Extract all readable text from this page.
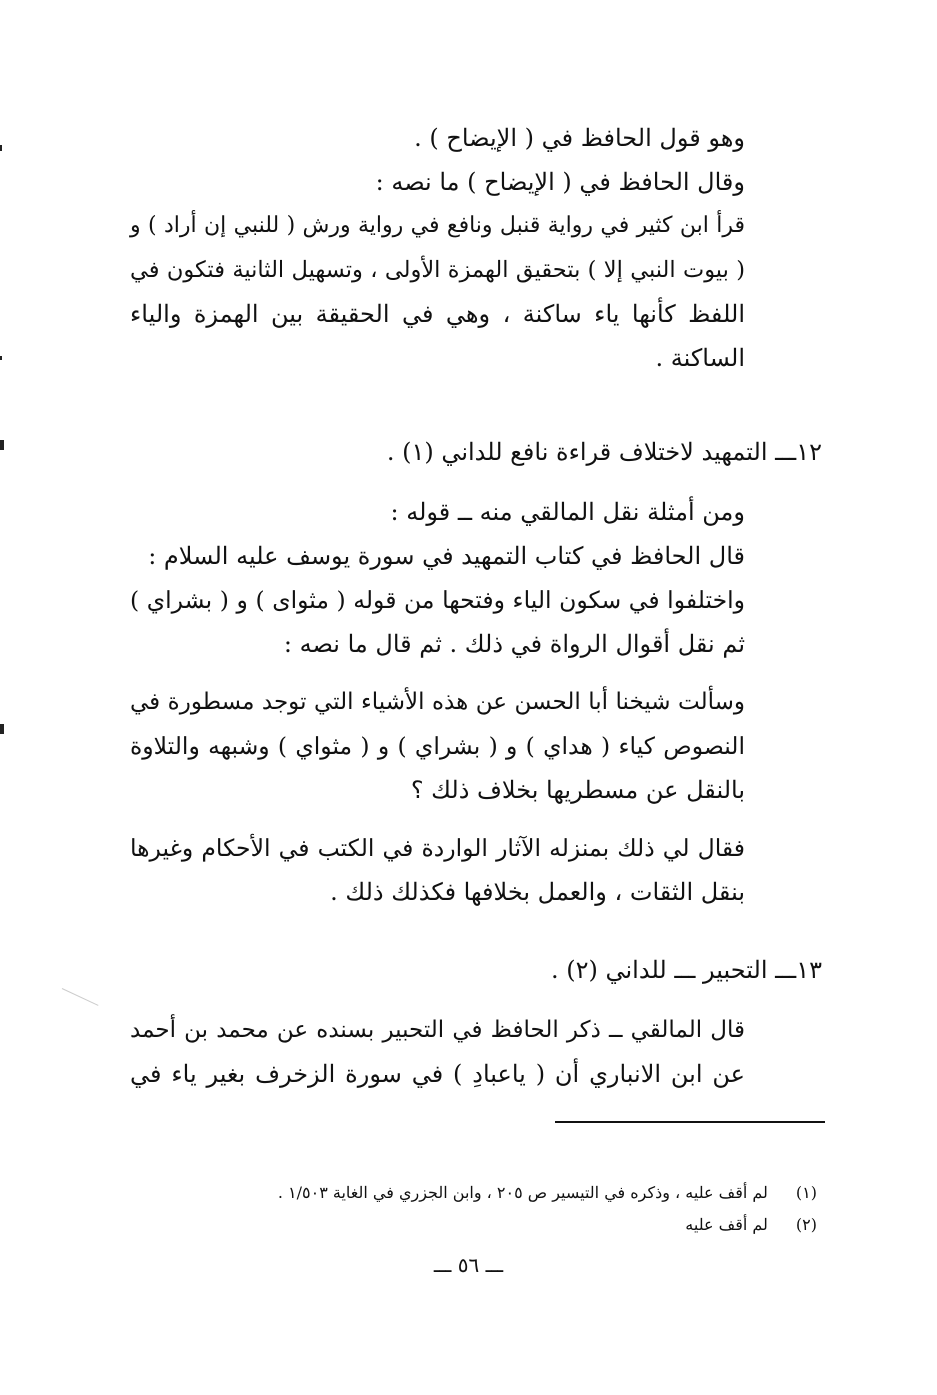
وهو قول الحافظ في ( الإيضاح ) .
وقال الحافظ في ( الإيضاح ) ما نصه :
قرأ ابن كثير في رواية قنبل ونافع في رواية ورش ( للنبي إن أراد ) و
( بيوت النبي إلا ) بتحقيق الهمزة الأولى ، وتسهيل الثانية فتكون في
اللفظ كأنها ياء ساكنة ، وهي في الحقيقة بين الهمزة والياء
الساكنة .
١٢ـــ التمهيد لاختلاف قراءة نافع للداني (١) .
ومن أمثلة نقل المالقي منه ــ قوله :
قال الحافظ في كتاب التمهيد في سورة يوسف عليه السلام :
واختلفوا في سكون الياء وفتحها من قوله ( مثواى ) و ( بشراي )
ثم نقل أقوال الرواة في ذلك . ثم قال ما نصه :
وسألت شيخنا أبا الحسن عن هذه الأشياء التي توجد مسطورة في
النصوص كياء ( هداي ) و ( بشراي ) و ( مثواي ) وشبهه والتلاوة
بالنقل عن مسطريها بخلاف ذلك ؟
فقال لي ذلك بمنزله الآثار الواردة في الكتب في الأحكام وغيرها
بنقل الثقات ، والعمل بخلافها فكذلك ذلك .
١٣ـــ التحبير ـــ للداني (٢) .
قال المالقي ــ ذكر الحافظ في التحبير بسنده عن محمد بن أحمد
عن ابن الانباري أن ( ياعبادِ ) في سورة الزخرف بغير ياء في
(١) لم أقف عليه ، وذكره في التيسير ص ٢٠٥ ، وابن الجزري في الغاية ١/٥٠٣ .
(٢) لم أقف عليه
ـــ ٥٦ ـــ
